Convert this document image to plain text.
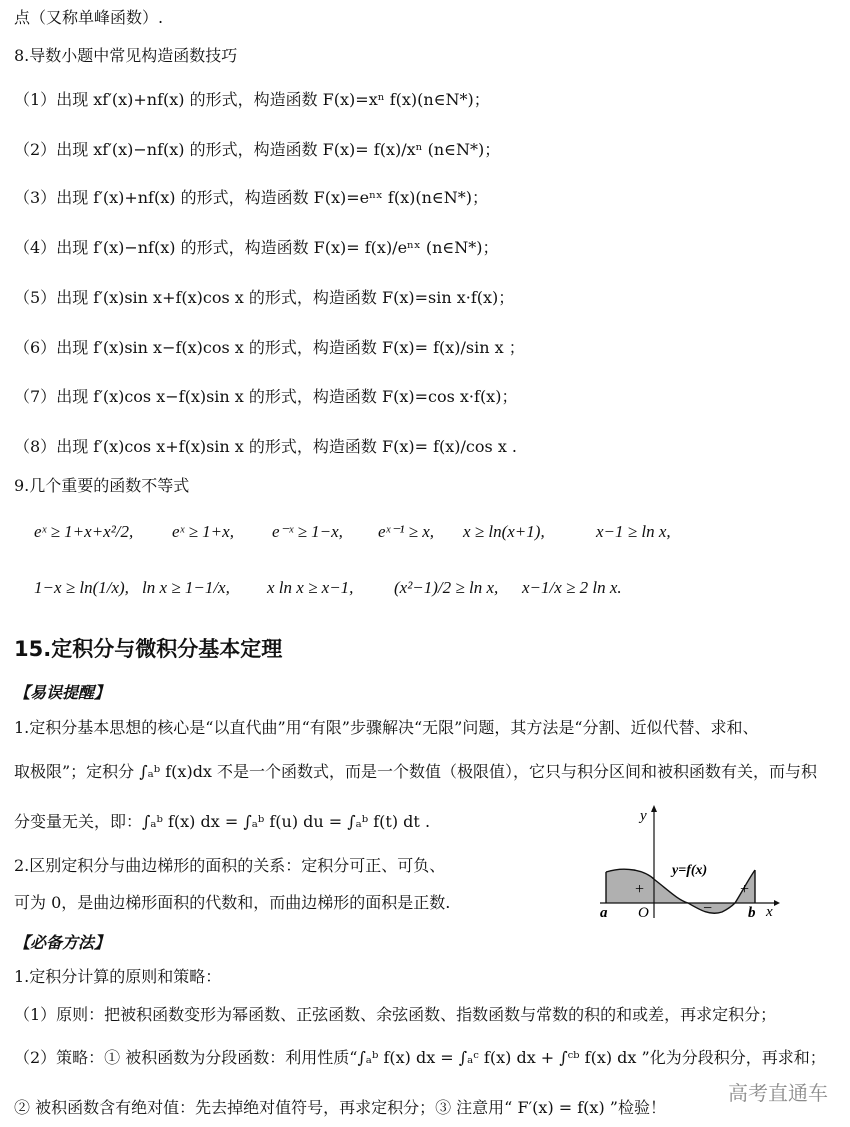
点（又称单峰函数）.
8.导数小题中常见构造函数技巧
（1）出现 xf′(x)+nf(x) 的形式，构造函数 F(x)=xⁿ f(x)(n∈N*)；
（2）出现 xf′(x)−nf(x) 的形式，构造函数 F(x)= f(x)/xⁿ (n∈N*)；
（3）出现 f′(x)+nf(x) 的形式，构造函数 F(x)=eⁿˣ f(x)(n∈N*)；
（4）出现 f′(x)−nf(x) 的形式，构造函数 F(x)= f(x)/eⁿˣ (n∈N*)；
（5）出现 f′(x)sin x+f(x)cos x 的形式，构造函数 F(x)=sin x·f(x)；
（6）出现 f′(x)sin x−f(x)cos x 的形式，构造函数 F(x)= f(x)/sin x ；
（7）出现 f′(x)cos x−f(x)sin x 的形式，构造函数 F(x)=cos x·f(x)；
（8）出现 f′(x)cos x+f(x)sin x 的形式，构造函数 F(x)= f(x)/cos x .
9.几个重要的函数不等式
eˣ ≥ 1+x+x²/2, eˣ ≥ 1+x, e⁻ˣ ≥ 1−x, eˣ⁻¹ ≥ x, x ≥ ln(x+1),	x−1 ≥ ln x,
1−x ≥ ln(1/x), ln x ≥ 1−1/x, x ln x ≥ x−1, (x²−1)/2 ≥ ln x, x−1/x ≥ 2 ln x.
15.定积分与微积分基本定理
【易误提醒】
1.定积分基本思想的核心是“以直代曲”用“有限”步骤解决“无限”问题，其方法是“分割、近似代替、求和、
取极限”；定积分 ∫ₐᵇ f(x)dx 不是一个函数式，而是一个数值（极限值），它只与积分区间和被积函数有关，而与积
分变量无关，即：∫ₐᵇ f(x) dx = ∫ₐᵇ f(u) du = ∫ₐᵇ f(t) dt .
2.区别定积分与曲边梯形的面积的关系：定积分可正、可负、
可为 0，是曲边梯形面积的代数和，而曲边梯形的面积是正数.
y
x
y=f(x)
a	b
O
+
−
+
【必备方法】
1.定积分计算的原则和策略：
（1）原则：把被积函数变形为幂函数、正弦函数、余弦函数、指数函数与常数的积的和或差，再求定积分；
（2）策略：① 被积函数为分段函数：利用性质“∫ₐᵇ f(x) dx = ∫ₐᶜ f(x) dx + ∫ᶜᵇ f(x) dx ”化为分段积分，再求和；
② 被积函数含有绝对值：先去掉绝对值符号，再求定积分；③ 注意用“ F′(x) = f(x) ”检验！
高考直通车
